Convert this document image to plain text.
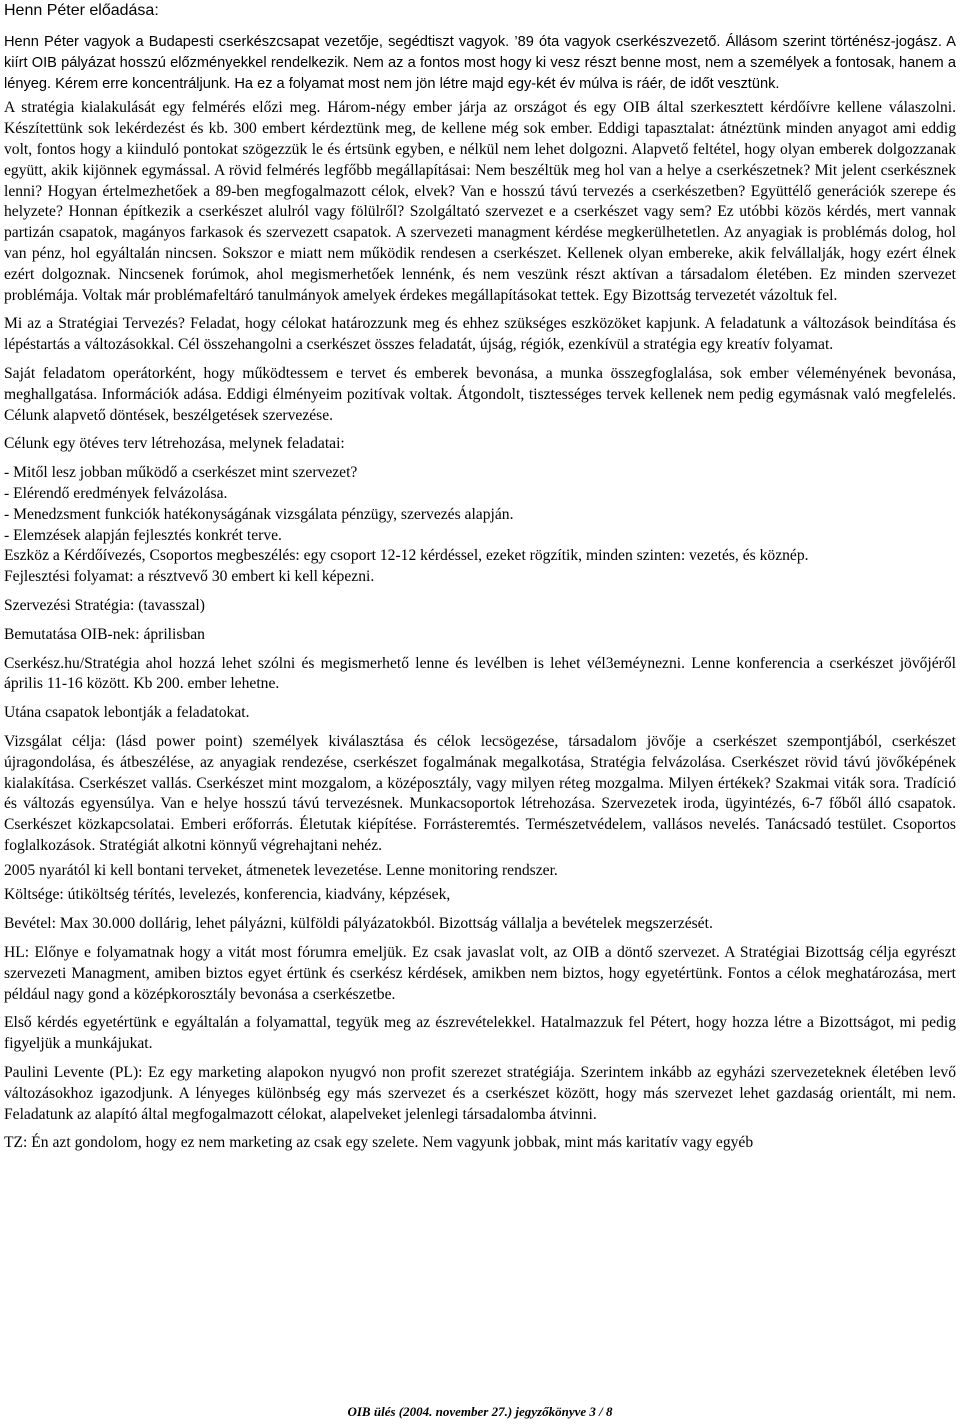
Henn Péter előadása:

Henn Péter vagyok a Budapesti cserkészcsapat vezetője, segédtiszt vagyok. ’89 óta vagyok cserkészvezető. Állásom szerint történész-jogász. A kiírt OIB pályázat hosszú előzményekkel rendelkezik. Nem az a fontos most hogy ki vesz részt benne most, nem a személyek a fontosak, hanem a lényeg. Kérem erre koncentráljunk. Ha ez a folyamat most nem jön létre majd egy-két év múlva is ráér, de időt vesztünk.

A stratégia kialakulását egy felmérés előzi meg. Három-négy ember járja az országot és egy OIB által szerkesztett kérdőívre kellene válaszolni. Készítettünk sok lekérdezést és kb. 300 embert kérdeztünk meg, de kellene még sok ember. Eddigi tapasztalat: átnéztünk minden anyagot ami eddig volt, fontos hogy a kiinduló pontokat szögezzük le és értsünk egyben, e nélkül nem lehet dolgozni. Alapvető feltétel, hogy olyan emberek dolgozzanak együtt, akik kijönnek egymással. A rövid felmérés legfőbb megállapításai: Nem beszéltük meg hol van a helye a cserkészetnek? Mit jelent cserkésznek lenni? Hogyan értelmezhetőek a 89-ben megfogalmazott célok, elvek? Van e hosszú távú tervezés a cserkészetben? Együttélő generációk szerepe és helyzete? Honnan építkezik a cserkészet alulról vagy fölülről? Szolgáltató szervezet e a cserkészet vagy sem? Ez utóbbi közös kérdés, mert vannak partizán csapatok, magányos farkasok és szervezett csapatok. A szervezeti managment kérdése megkerülhetetlen. Az anyagiak is problémás dolog, hol van pénz, hol egyáltalán nincsen. Sokszor e miatt nem működik rendesen a cserkészet. Kellenek olyan embereke, akik felvállalják, hogy ezért élnek ezért dolgoznak. Nincsenek forúmok, ahol megismerhetőek lennénk, és nem veszünk részt aktívan a társadalom életében. Ez minden szervezet problémája. Voltak már problémafeltáró tanulmányok amelyek érdekes megállapításokat tettek. Egy Bizottság tervezetét vázoltuk fel.

Mi az a Stratégiai Tervezés? Feladat, hogy célokat határozzunk meg és ehhez szükséges eszközöket kapjunk. A feladatunk a változások beindítása és lépéstartás a változásokkal. Cél összehangolni a cserkészet összes feladatát, újság, régiók, ezenkívül a stratégia egy kreatív folyamat.

Saját feladatom operátorként, hogy működtessem e tervet és emberek bevonása, a munka összegfoglalása, sok ember véleményének bevonása, meghallgatása. Információk adása. Eddigi élményeim pozitívak voltak. Átgondolt, tisztességes tervek kellenek nem pedig egymásnak való megfelelés. Célunk alapvető döntések, beszélgetések szervezése.

Célunk egy ötéves terv létrehozása, melynek feladatai:

- Mitől lesz jobban működő a cserkészet mint szervezet?

- Elérendő eredmények felvázolása.

- Menedzsment funkciók hatékonyságának vizsgálata pénzügy, szervezés alapján.

- Elemzések alapján fejlesztés konkrét terve.

Eszköz a Kérdőívezés, Csoportos megbeszélés: egy csoport 12-12 kérdéssel, ezeket rögzítik, minden szinten: vezetés, és köznép.

Fejlesztési folyamat: a résztvevő 30 embert ki kell képezni.

Szervezési Stratégia: (tavasszal)

Bemutatása OIB-nek: áprilisban

Cserkész.hu/Stratégia ahol hozzá lehet szólni és megismerhető lenne és levélben is lehet vél3eméynezni. Lenne konferencia a cserkészet jövőjéről április 11-16 között. Kb 200. ember lehetne.

Utána csapatok lebontják a feladatokat.

Vizsgálat célja: (lásd power point) személyek kiválasztása és célok lecsögezése, társadalom jövője a cserkészet szempontjából, cserkészet újragondolása, és átbeszélése, az anyagiak rendezése, cserkészet fogalmának megalkotása, Stratégia felvázolása. Cserkészet rövid távú jövőképének kialakítása. Cserkészet vallás. Cserkészet mint mozgalom, a középosztály, vagy milyen réteg mozgalma. Milyen értékek? Szakmai viták sora. Tradíció és változás egyensúlya. Van e helye hosszú távú tervezésnek. Munkacsoportok létrehozása. Szervezetek iroda, ügyintézés, 6-7 főből álló csapatok. Cserkészet közkapcsolatai. Emberi erőforrás. Életutak kiépítése. Forrásteremtés. Természetvédelem, vallásos nevelés. Tanácsadó testület. Csoportos foglalkozások. Stratégiát alkotni könnyű végrehajtani nehéz.

2005 nyarától ki kell bontani terveket, átmenetek levezetése. Lenne monitoring rendszer.

Költsége: útiköltség térítés, levelezés, konferencia, kiadvány, képzések,

Bevétel: Max 30.000 dollárig, lehet pályázni, külföldi pályázatokból. Bizottság vállalja a bevételek megszerzését.

HL: Előnye e folyamatnak hogy a vitát most fórumra emeljük. Ez csak javaslat volt, az OIB a döntő szervezet. A Stratégiai Bizottság célja egyrészt szervezeti Managment, amiben biztos egyet értünk és cserkész kérdések, amikben nem biztos, hogy egyetértünk. Fontos a célok meghatározása, mert például nagy gond a középkorosztály bevonása a cserkészetbe.

Első kérdés egyetértünk e egyáltalán a folyamattal, tegyük meg az észrevételekkel. Hatalmazzuk fel Pétert, hogy hozza létre a Bizottságot, mi pedig figyeljük a munkájukat.

Paulini Levente (PL): Ez egy marketing alapokon nyugvó non profit szerezet stratégiája. Szerintem inkább az egyházi szervezeteknek életében levő változásokhoz igazodjunk. A lényeges különbség egy más szervezet és a cserkészet között, hogy más szervezet lehet gazdaság orientált, mi nem. Feladatunk az alapító által megfogalmazott célokat, alapelveket jelenlegi társadalomba átvinni.

TZ: Én azt gondolom, hogy ez nem marketing az csak egy szelete. Nem vagyunk jobbak, mint más karitatív vagy egyéb

OIB ülés (2004. november 27.) jegyzőkönyve 3 / 8
